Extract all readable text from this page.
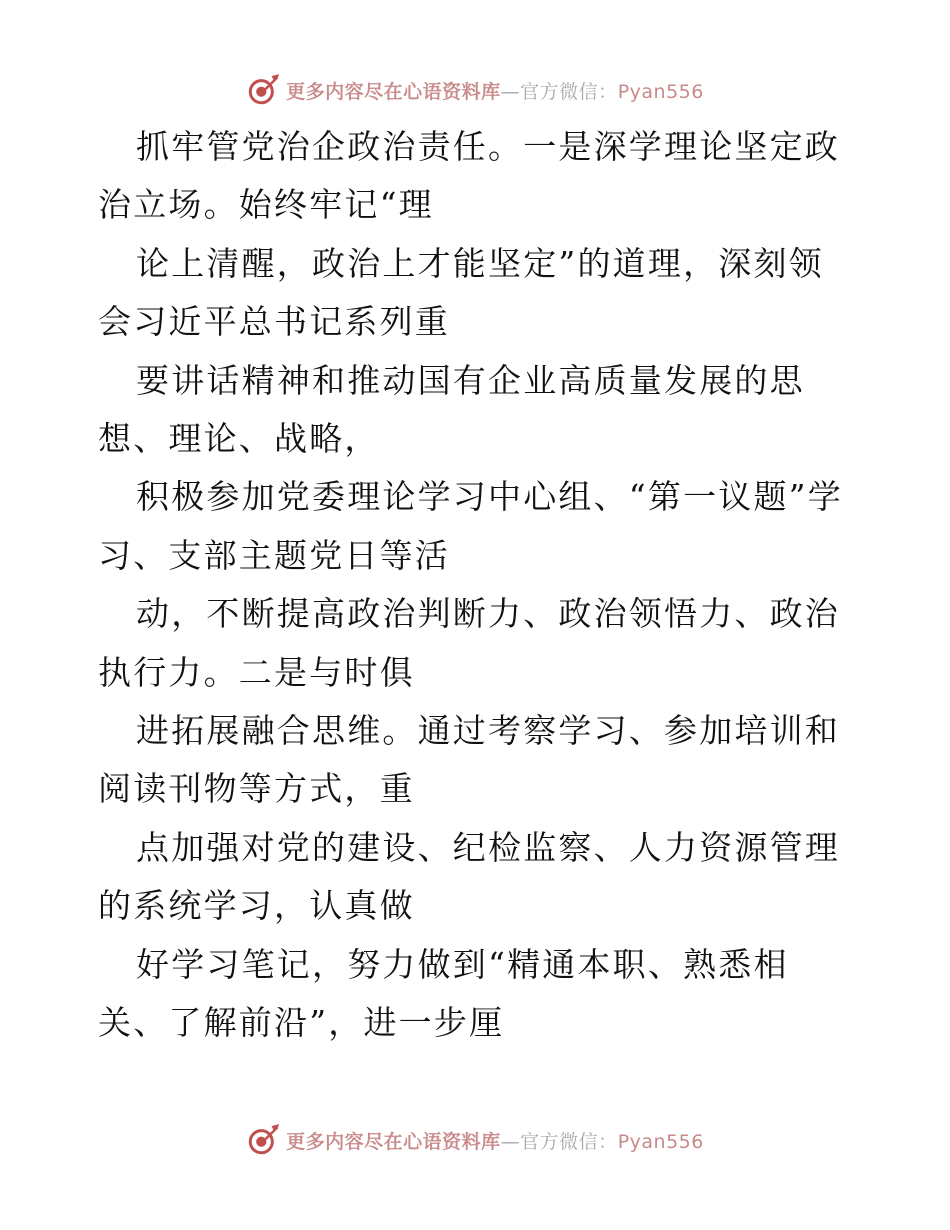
更多内容尽在心语资料库—官方微信：Pyan556

抓牢管党治企政治责任。一是深学理论坚定政治立场。始终牢记“理

论上清醒，政治上才能坚定”的道理，深刻领会习近平总书记系列重

要讲话精神和推动国有企业高质量发展的思想、理论、战略，

积极参加党委理论学习中心组、“第一议题”学习、支部主题党日等活

动，不断提高政治判断力、政治领悟力、政治执行力。二是与时俱

进拓展融合思维。通过考察学习、参加培训和阅读刊物等方式，重

点加强对党的建设、纪检监察、人力资源管理的系统学习，认真做

好学习笔记，努力做到“精通本职、熟悉相关、了解前沿”，进一步厘

更多内容尽在心语资料库—官方微信：Pyan556
